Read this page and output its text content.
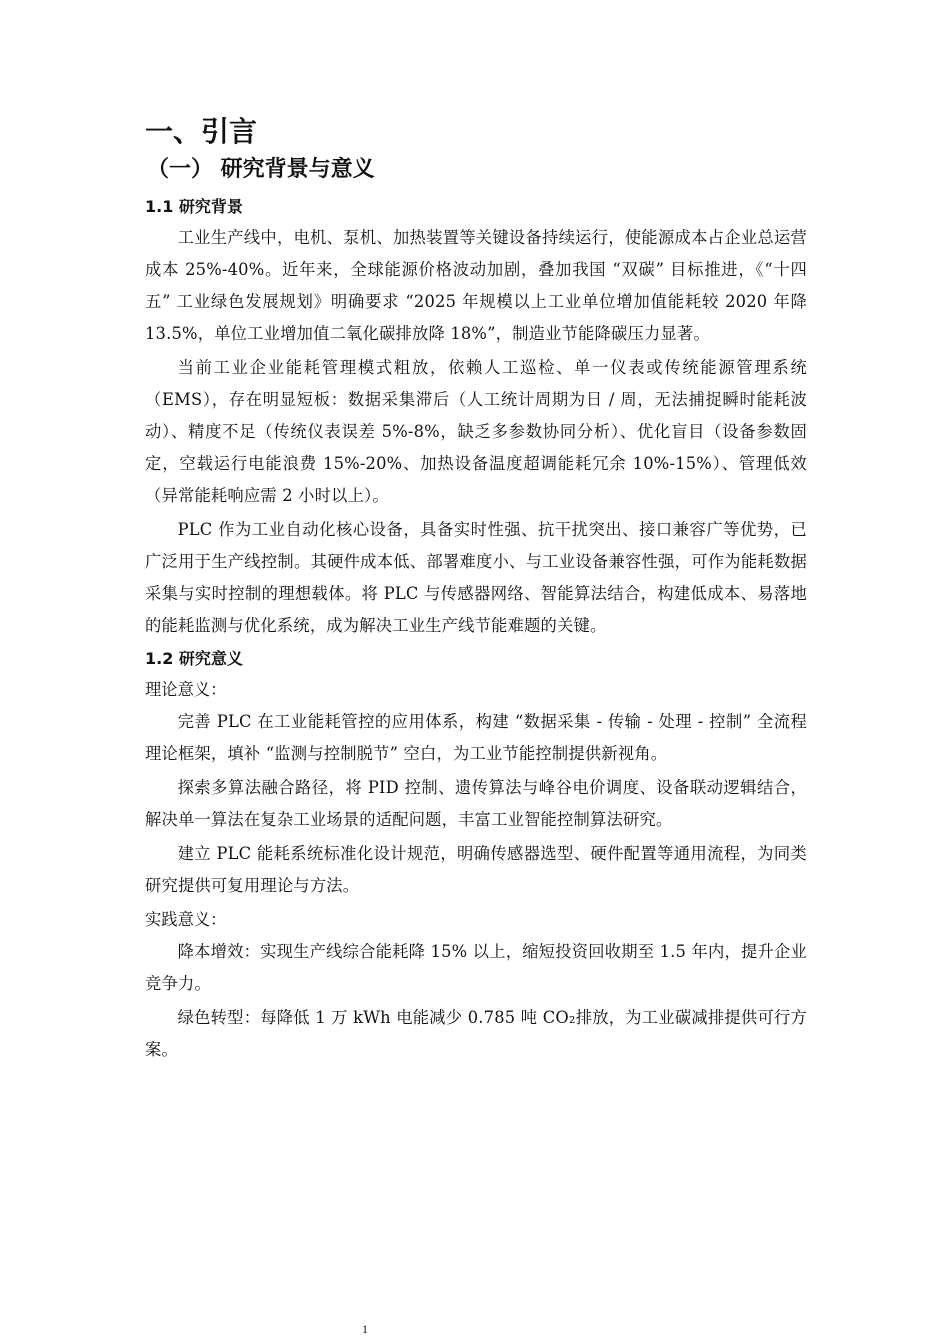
一、引言
（一） 研究背景与意义
1.1 研究背景

工业生产线中，电机、泵机、加热装置等关键设备持续运行，使能源成本占企业总运营成本 25%-40%。近年来，全球能源价格波动加剧，叠加我国 “双碳” 目标推进，《“十四五” 工业绿色发展规划》明确要求 “2025 年规模以上工业单位增加值能耗较 2020 年降 13.5%，单位工业增加值二氧化碳排放降 18%”，制造业节能降碳压力显著。

当前工业企业能耗管理模式粗放，依赖人工巡检、单一仪表或传统能源管理系统（EMS），存在明显短板：数据采集滞后（人工统计周期为日 / 周，无法捕捉瞬时能耗波动）、精度不足（传统仪表误差 5%-8%，缺乏多参数协同分析）、优化盲目（设备参数固定，空载运行电能浪费 15%-20%、加热设备温度超调能耗冗余 10%-15%）、管理低效（异常能耗响应需 2 小时以上）。

PLC 作为工业自动化核心设备，具备实时性强、抗干扰突出、接口兼容广等优势，已广泛用于生产线控制。其硬件成本低、部署难度小、与工业设备兼容性强，可作为能耗数据采集与实时控制的理想载体。将 PLC 与传感器网络、智能算法结合，构建低成本、易落地的能耗监测与优化系统，成为解决工业生产线节能难题的关键。

1.2 研究意义

理论意义：

完善 PLC 在工业能耗管控的应用体系，构建 “数据采集 - 传输 - 处理 - 控制” 全流程理论框架，填补 “监测与控制脱节” 空白，为工业节能控制提供新视角。

探索多算法融合路径，将 PID 控制、遗传算法与峰谷电价调度、设备联动逻辑结合，解决单一算法在复杂工业场景的适配问题，丰富工业智能控制算法研究。

建立 PLC 能耗系统标准化设计规范，明确传感器选型、硬件配置等通用流程，为同类研究提供可复用理论与方法。

实践意义：

降本增效：实现生产线综合能耗降 15% 以上，缩短投资回收期至 1.5 年内，提升企业竞争力。

绿色转型：每降低 1 万 kWh 电能减少 0.785 吨 CO₂排放，为工业碳减排提供可行方案。

1
